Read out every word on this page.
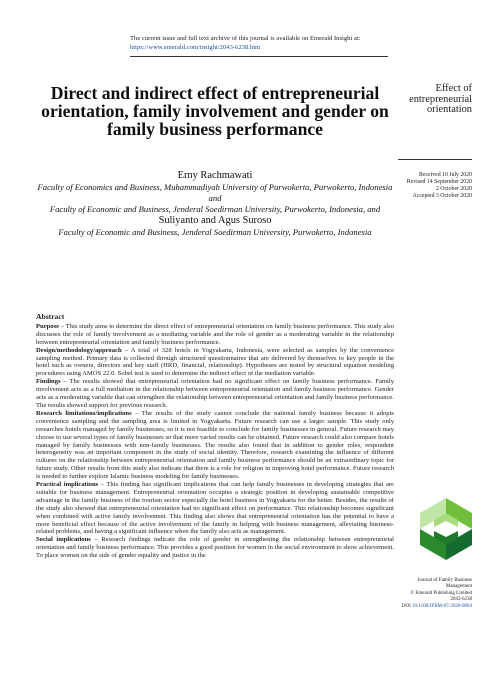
The current issue and full text archive of this journal is available on Emerald Insight at:
https://www.emerald.com/insight/2043-6238.htm
Direct and indirect effect of entrepreneurial orientation, family involvement and gender on family business performance
Erny Rachmawati
Faculty of Economics and Business, Muhammadiyah University of Purwokerto, Purwokerto, Indonesia and
Faculty of Economic and Business, Jenderal Soedirman University, Purwokerto, Indonesia, and
Suliyanto and Agus Suroso
Faculty of Economic and Business, Jenderal Soedirman University, Purwokerto, Indonesia
Effect of entrepreneurial orientation
Received 10 July 2020
Revised 14 September 2020
2 October 2020
Accepted 3 October 2020
Abstract

Purpose – This study aims to determine the direct effect of entrepreneurial orientation on family business performance. This study also discusses the role of family involvement as a mediating variable and the role of gender as a moderating variable in the relationship between entrepreneurial orientation and family business performance.

Design/methodology/approach – A total of 328 hotels in Yogyakarta, Indonesia, were selected as samples by the convenience sampling method. Primary data is collected through structured questionnaires that are delivered by themselves to key people in the hotel such as owners, directors and key staff (HRD, financial, relationship). Hypotheses are tested by structural equation modeling procedures using AMOS 22.0. Sobel test is used to determine the indirect effect of the mediation variable.

Findings – The results showed that entrepreneurial orientation had no significant effect on family business performance. Family involvement acts as a full mediation in the relationship between entrepreneurial orientation and family business performance. Gender acts as a moderating variable that can strengthen the relationship between entrepreneurial orientation and family business performance. The results showed support for previous research.

Research limitations/implications – The results of the study cannot conclude the national family business because it adopts convenience sampling and the sampling area is limited in Yogyakarta. Future research can use a larger sample. This study only researches hotels managed by family businesses, so it is not feasible to conclude for family businesses in general. Future research may choose to use several types of family businesses so that more varied results can be obtained. Future research could also compare hotels managed by family businesses with non-family businesses. The results also found that in addition to gender roles, respondent heterogeneity was an important component in the study of social identity. Therefore, research examining the influence of different cultures on the relationship between entrepreneurial orientation and family business performance should be an extraordinary topic for future study. Other results from this study also indicate that there is a role for religion in improving hotel performance. Future research is needed to further explore Islamic business modeling for family businesses.

Practical implications – This finding has significant implications that can help family businesses in developing strategies that are suitable for business management. Entrepreneurial orientation occupies a strategic position in developing sustainable competitive advantage in the family business of the tourism sector especially the hotel business in Yogyakarta for the better. Besides, the results of the study also showed that entrepreneurial orientation had no significant effect on performance. This relationship becomes significant when combined with active family involvement. This finding also shows that entrepreneurial orientation has the potential to have a more beneficial effect because of the active involvement of the family in helping with business management, alleviating business-related problems, and having a significant influence when the family also acts as management.

Social implications – Research findings indicate the role of gender in strengthening the relationship between entrepreneurial orientation and family business performance. This provides a good position for women in the social environment to show achievement. To place women on the side of gender equality and justice in the

Journal of Family Business Management
© Emerald Publishing Limited
2043-6238
DOI 10.1108/JFBM-07-2020-0064
